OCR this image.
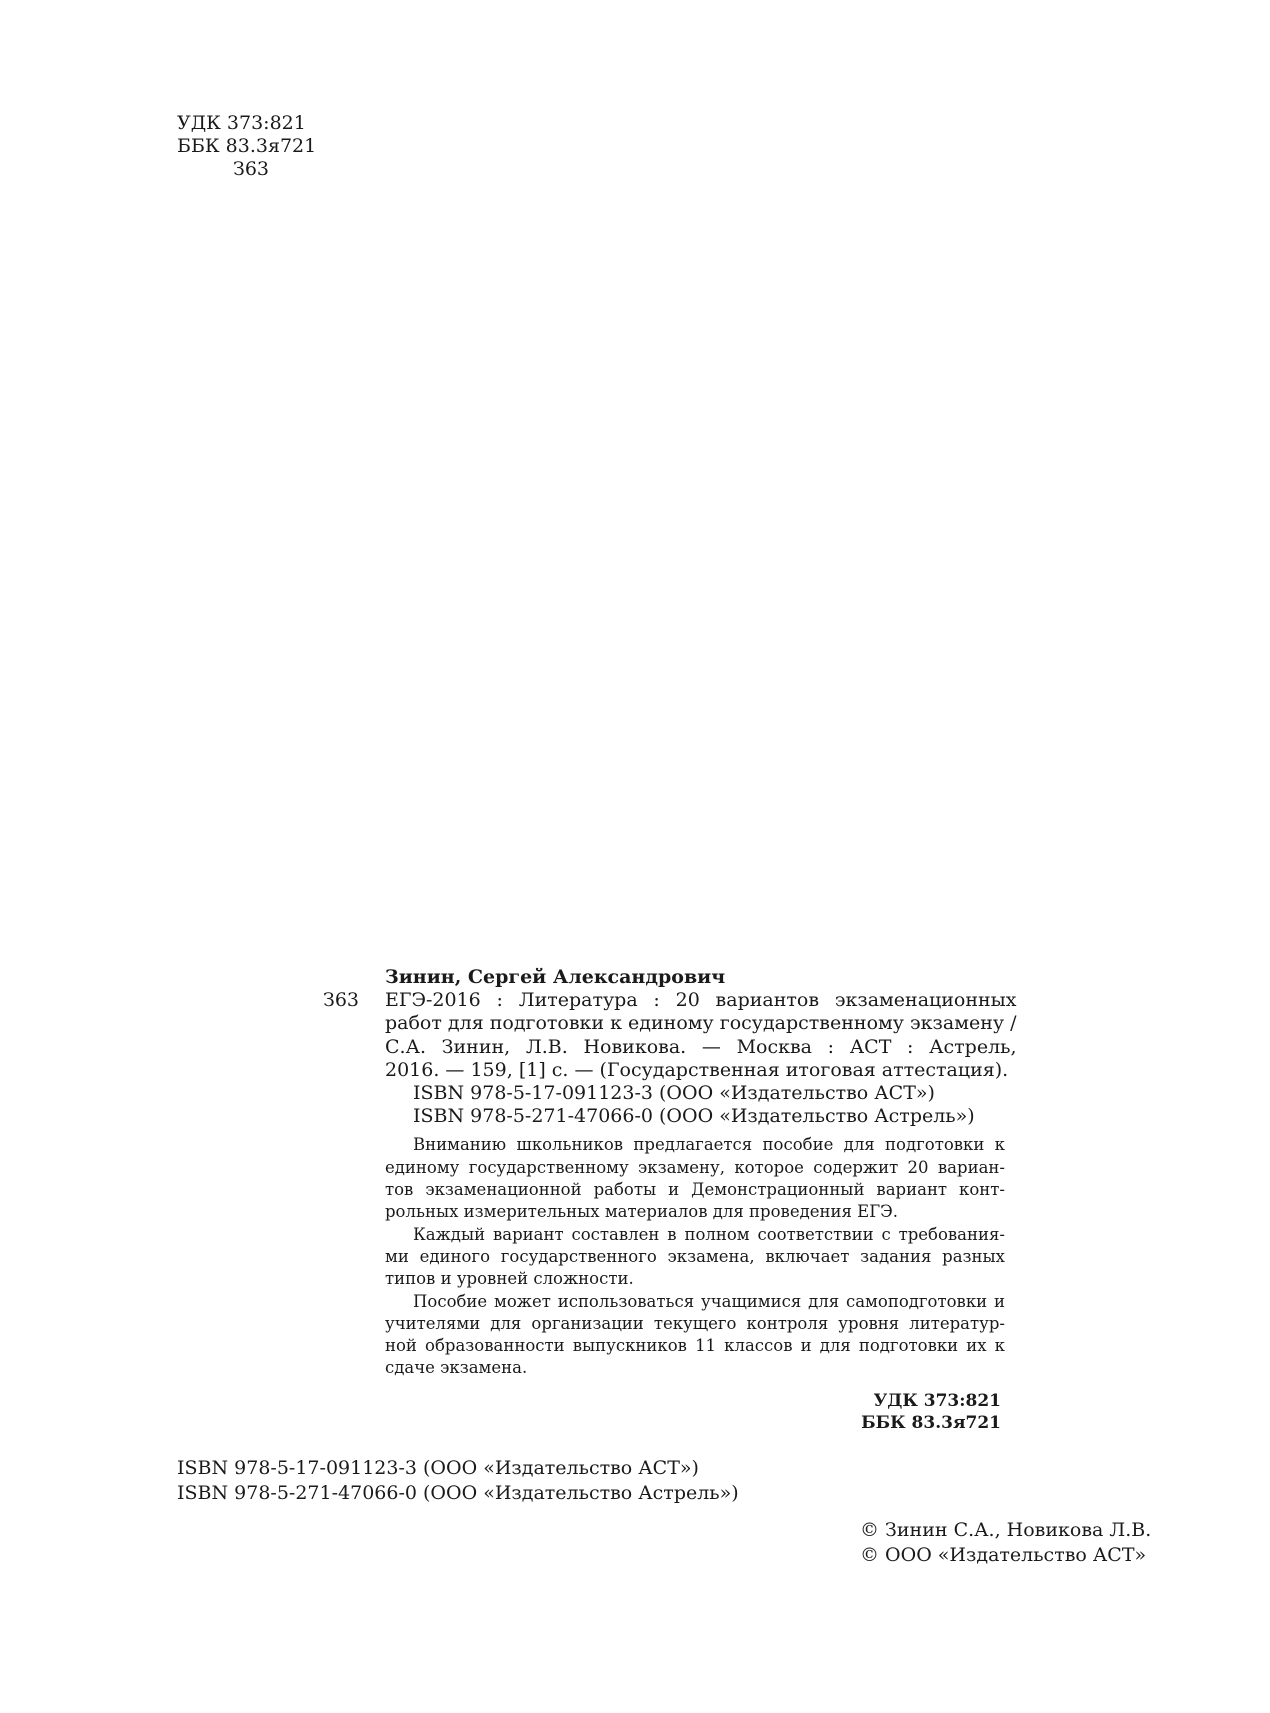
УДК 373:821
ББК 83.3я721
З63
Зинин, Сергей Александрович
З63	ЕГЭ-2016 : Литература : 20 вариантов экзаменационных
работ для подготовки к единому государственному экзамену /
С.А. Зинин, Л.В. Новикова. — Москва : АСТ : Астрель,
2016. — 159, [1] с. — (Государственная итоговая аттестация).
ISBN 978-5-17-091123-3 (ООО «Издательство АСТ»)
ISBN 978-5-271-47066-0 (ООО «Издательство Астрель»)
Вниманию школьников предлагается пособие для подготовки к
единому государственному экзамену, которое содержит 20 вариан-
тов экзаменационной работы и Демонстрационный вариант конт-
рольных измерительных материалов для проведения ЕГЭ.
Каждый вариант составлен в полном соответствии с требования-
ми единого государственного экзамена, включает задания разных
типов и уровней сложности.
Пособие может использоваться учащимися для самоподготовки и
учителями для организации текущего контроля уровня литератур-
ной образованности выпускников 11 классов и для подготовки их к
сдаче экзамена.
УДК 373:821
ББК 83.3я721
ISBN 978-5-17-091123-3 (ООО «Издательство АСТ»)
ISBN 978-5-271-47066-0 (ООО «Издательство Астрель»)
© Зинин С.А., Новикова Л.В.
© ООО «Издательство АСТ»
